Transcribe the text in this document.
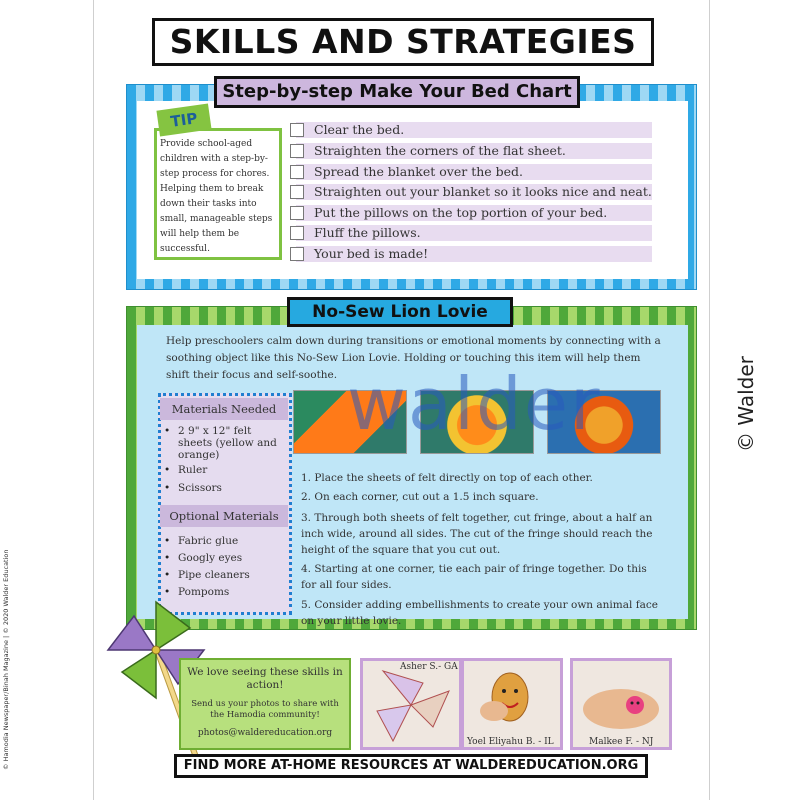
SKILLS AND STRATEGIES
Step-by-step Make Your Bed Chart
TIP
Provide school-aged children with a step-by-step process for chores. Helping them to break down their tasks into small, manageable steps will help them be successful.
Clear the bed.
Straighten the corners of the flat sheet.
Spread the blanket over the bed.
Straighten out your blanket so it looks nice and neat.
Put the pillows on the top portion of your bed.
Fluff the pillows.
Your bed is made!
No-Sew Lion Lovie
Help preschoolers calm down during transitions or emotional moments by connecting with a soothing object like this No-Sew Lion Lovie. Holding or touching this item will help them shift their focus and self-soothe.
Materials Needed
• 2 9" x 12" felt sheets (yellow and orange)
• Ruler
• Scissors
Optional Materials
• Fabric glue
• Googly eyes
• Pipe cleaners
• Pompoms
1. Place the sheets of felt directly on top of each other.
2. On each corner, cut out a 1.5 inch square.
3. Through both sheets of felt together, cut fringe, about a half an inch wide, around all sides. The cut of the fringe should reach the height of the square that you cut out.
4. Starting at one corner, tie each pair of fringe together. Do this for all four sides.
5. Consider adding embellishments to create your own animal face on your little lovie.
We love seeing these skills in action!
Send us your photos to share with the Hamodia community!
photos@waldereducation.org
Asher S.- GA
Yoel Eliyahu B. - IL	Malkee F. - NJ
FIND MORE AT-HOME RESOURCES AT WALDEREDUCATION.ORG
walder
© Hamodia Newspaper/Binah Magazine | © 2020 Walder Education
© Walder
